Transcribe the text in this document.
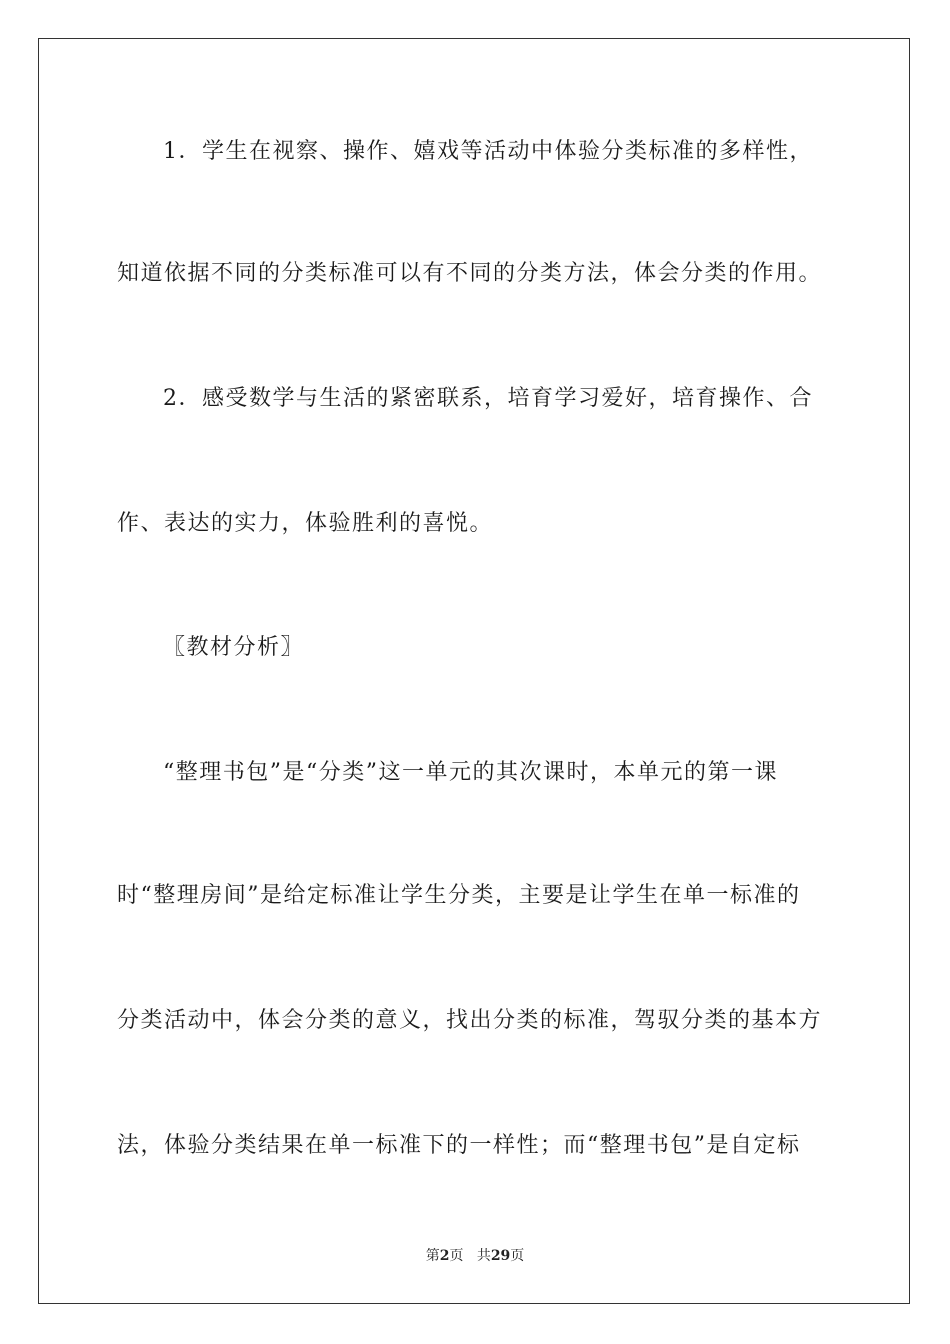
1．学生在视察、操作、嬉戏等活动中体验分类标准的多样性，
知道依据不同的分类标准可以有不同的分类方法，体会分类的作用。
2．感受数学与生活的紧密联系，培育学习爱好，培育操作、合
作、表达的实力，体验胜利的喜悦。
〖教材分析〗
“整理书包”是“分类”这一单元的其次课时，本单元的第一课
时“整理房间”是给定标准让学生分类，主要是让学生在单一标准的
分类活动中，体会分类的意义，找出分类的标准，驾驭分类的基本方
法，体验分类结果在单一标准下的一样性；而“整理书包”是自定标
第2页 共29页
